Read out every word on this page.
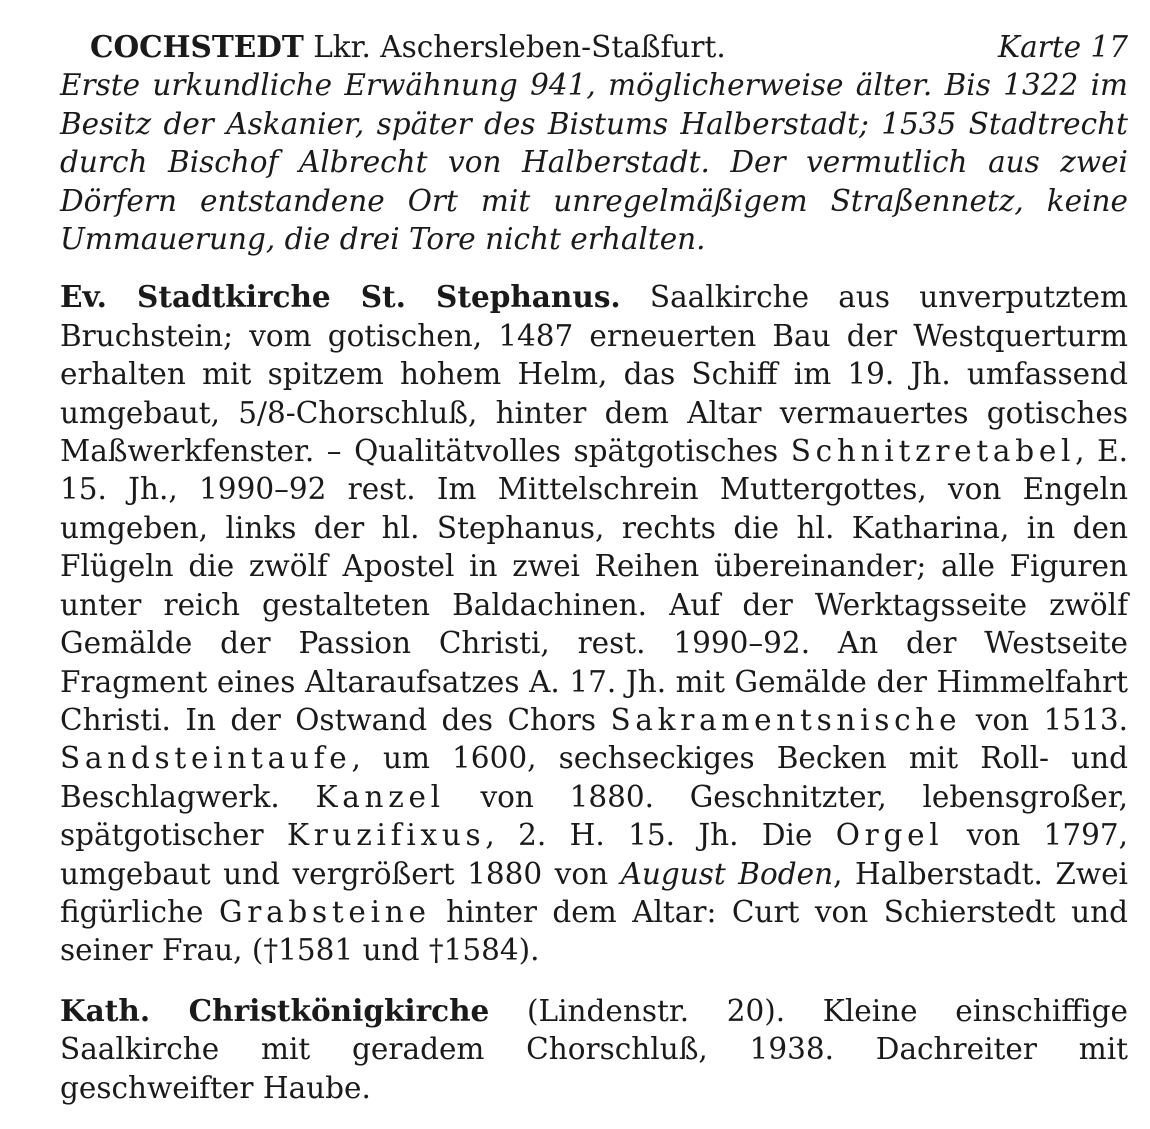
COCHSTEDT Lkr. Aschersleben-Staßfurt.	Karte 17

Erste urkundliche Erwähnung 941, möglicherweise älter. Bis 1322 im Besitz der Askanier, später des Bistums Halberstadt; 1535 Stadtrecht durch Bischof Albrecht von Halberstadt. Der vermutlich aus zwei Dörfern entstandene Ort mit unregelmäßigem Straßennetz, keine Ummauerung, die drei Tore nicht erhalten.

Ev. Stadtkirche St. Stephanus. Saalkirche aus unverputztem Bruchstein; vom gotischen, 1487 erneuerten Bau der Westquerturm erhalten mit spitzem hohem Helm, das Schiff im 19. Jh. umfassend umgebaut, 5/8-Chorschluß, hinter dem Altar vermauertes gotisches Maßwerkfenster. – Qualitätvolles spätgotisches Schnitzretabel, E. 15. Jh., 1990–92 rest. Im Mittelschrein Muttergottes, von Engeln umgeben, links der hl. Stephanus, rechts die hl. Katharina, in den Flügeln die zwölf Apostel in zwei Reihen übereinander; alle Figuren unter reich gestalteten Baldachinen. Auf der Werktagsseite zwölf Gemälde der Passion Christi, rest. 1990–92. An der Westseite Fragment eines Altaraufsatzes A. 17. Jh. mit Gemälde der Himmelfahrt Christi. In der Ostwand des Chors Sakramentsnische von 1513. Sandsteintaufe, um 1600, sechseckiges Becken mit Roll- und Beschlagwerk. Kanzel von 1880. Geschnitzter, lebensgroßer, spätgotischer Kruzifixus, 2. H. 15. Jh. Die Orgel von 1797, umgebaut und vergrößert 1880 von August Boden, Halberstadt. Zwei figürliche Grabsteine hinter dem Altar: Curt von Schierstedt und seiner Frau, (†1581 und †1584).

Kath. Christkönigkirche (Lindenstr. 20). Kleine einschiffige Saalkirche mit geradem Chorschluß, 1938. Dachreiter mit geschweifter Haube.
